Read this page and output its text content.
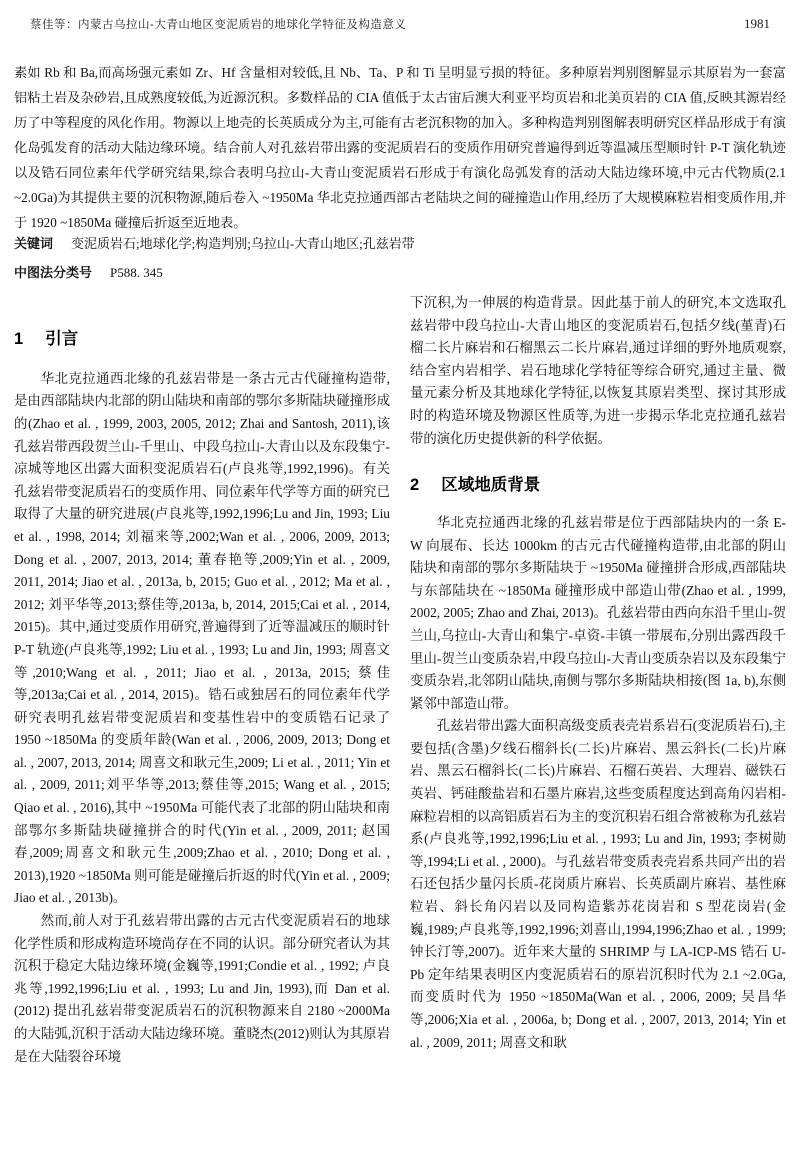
蔡佳等：内蒙古乌拉山-大青山地区变泥质岩的地球化学特征及构造意义	1981
素如 Rb 和 Ba,而高场强元素如 Zr、Hf 含量相对较低,且 Nb、Ta、P 和 Ti 呈明显亏损的特征。多种原岩判别图解显示其原岩为一套富铝粘土岩及杂砂岩,且成熟度较低,为近源沉积。多数样品的 CIA 值低于太古宙后澳大利亚平均页岩和北美页岩的 CIA 值,反映其源岩经历了中等程度的风化作用。物源以上地壳的长英质成分为主,可能有古老沉积物的加入。多种构造判别图解表明研究区样品形成于有演化岛弧发育的活动大陆边缘环境。结合前人对孔兹岩带出露的变泥质岩石的变质作用研究普遍得到近等温减压型顺时针 P-T 演化轨迹以及锆石同位素年代学研究结果,综合表明乌拉山-大青山变泥质岩石形成于有演化岛弧发育的活动大陆边缘环境,中元古代物质(2.1 ~2.0Ga)为其提供主要的沉积物源,随后卷入 ~1950Ma 华北克拉通西部古老陆块之间的碰撞造山作用,经历了大规模麻粒岩相变质作用,并于 1920 ~1850Ma 碰撞后折返至近地表。
关键词 变泥质岩石;地球化学;构造判别;乌拉山-大青山地区;孔兹岩带
中图法分类号 P588. 345
1 引言

华北克拉通西北缘的孔兹岩带是一条古元古代碰撞构造带,是由西部陆块内北部的阴山陆块和南部的鄂尔多斯陆块碰撞形成的(Zhao et al. , 1999, 2003, 2005, 2012; Zhai and Santosh, 2011),该孔兹岩带西段贺兰山-千里山、中段乌拉山-大青山以及东段集宁-凉城等地区出露大面积变泥质岩石(卢良兆等,1992,1996)。有关孔兹岩带变泥质岩石的变质作用、同位素年代学等方面的研究已取得了大量的研究进展(卢良兆等,1992,1996;Lu and Jin, 1993; Liu et al. , 1998, 2014; 刘福来等,2002;Wan et al. , 2006, 2009, 2013; Dong et al. , 2007, 2013, 2014; 董春艳等,2009;Yin et al. , 2009, 2011, 2014; Jiao et al. , 2013a, b, 2015; Guo et al. , 2012; Ma et al. , 2012; 刘平华等,2013;蔡佳等,2013a, b, 2014, 2015;Cai et al. , 2014, 2015)。其中,通过变质作用研究,普遍得到了近等温减压的顺时针 P-T 轨迹(卢良兆等,1992; Liu et al. , 1993; Lu and Jin, 1993; 周喜文等,2010;Wang et al. , 2011; Jiao et al. , 2013a, 2015; 蔡佳等,2013a;Cai et al. , 2014, 2015)。锆石或独居石的同位素年代学研究表明孔兹岩带变泥质岩和变基性岩中的变质锆石记录了 1950 ~1850Ma 的变质年龄(Wan et al. , 2006, 2009, 2013; Dong et al. , 2007, 2013, 2014; 周喜文和耿元生,2009; Li et al. , 2011; Yin et al. , 2009, 2011;刘平华等,2013;蔡佳等,2015; Wang et al. , 2015; Qiao et al. , 2016),其中 ~1950Ma 可能代表了北部的阴山陆块和南部鄂尔多斯陆块碰撞拼合的时代(Yin et al. , 2009, 2011; 赵国春,2009;周喜文和耿元生,2009;Zhao et al. , 2010; Dong et al. , 2013),1920 ~1850Ma 则可能是碰撞后折返的时代(Yin et al. , 2009; Jiao et al. , 2013b)。

然而,前人对于孔兹岩带出露的古元古代变泥质岩石的地球化学性质和形成构造环境尚存在不同的认识。部分研究者认为其沉积于稳定大陆边缘环境(金巍等,1991;Condie et al. , 1992; 卢良兆等,1992,1996;Liu et al. , 1993; Lu and Jin, 1993),而 Dan et al. (2012) 提出孔兹岩带变泥质岩石的沉积物源来自 2180 ~2000Ma 的大陆弧,沉积于活动大陆边缘环境。董晓杰(2012)则认为其原岩是在大陆裂谷环境

下沉积,为一伸展的构造背景。因此基于前人的研究,本文选取孔兹岩带中段乌拉山-大青山地区的变泥质岩石,包括夕线(堇青)石榴二长片麻岩和石榴黑云二长片麻岩,通过详细的野外地质观察,结合室内岩相学、岩石地球化学特征等综合研究,通过主量、微量元素分析及其地球化学特征,以恢复其原岩类型、探讨其形成时的构造环境及物源区性质等,为进一步揭示华北克拉通孔兹岩带的演化历史提供新的科学依据。

2 区域地质背景

华北克拉通西北缘的孔兹岩带是位于西部陆块内的一条 E-W 向展布、长达 1000km 的古元古代碰撞构造带,由北部的阴山陆块和南部的鄂尔多斯陆块于 ~1950Ma 碰撞拼合形成,西部陆块与东部陆块在 ~1850Ma 碰撞形成中部造山带(Zhao et al. , 1999, 2002, 2005; Zhao and Zhai, 2013)。孔兹岩带由西向东沿千里山-贺兰山,乌拉山-大青山和集宁-卓资-丰镇一带展布,分别出露西段千里山-贺兰山变质杂岩,中段乌拉山-大青山变质杂岩以及东段集宁变质杂岩,北邻阴山陆块,南侧与鄂尔多斯陆块相接(图 1a, b),东侧紧邻中部造山带。

孔兹岩带出露大面积高级变质表壳岩系岩石(变泥质岩石),主要包括(含墨)夕线石榴斜长(二长)片麻岩、黑云斜长(二长)片麻岩、黑云石榴斜长(二长)片麻岩、石榴石英岩、大理岩、磁铁石英岩、钙硅酸盐岩和石墨片麻岩,这些变质程度达到高角闪岩相-麻粒岩相的以高铝质岩石为主的变沉积岩石组合常被称为孔兹岩系(卢良兆等,1992,1996;Liu et al. , 1993; Lu and Jin, 1993; 李树勋等,1994;Li et al. , 2000)。与孔兹岩带变质表壳岩系共同产出的岩石还包括少量闪长质-花岗质片麻岩、长英质副片麻岩、基性麻粒岩、斜长角闪岩以及同构造紫苏花岗岩和 S 型花岗岩(金巍,1989;卢良兆等,1992,1996;刘喜山,1994,1996;Zhao et al. , 1999;钟长汀等,2007)。近年来大量的 SHRIMP 与 LA-ICP-MS 锆石 U-Pb 定年结果表明区内变泥质岩石的原岩沉积时代为 2.1 ~2.0Ga,而变质时代为 1950 ~1850Ma(Wan et al. , 2006, 2009; 吴昌华等,2006;Xia et al. , 2006a, b; Dong et al. , 2007, 2013, 2014; Yin et al. , 2009, 2011; 周喜文和耿
